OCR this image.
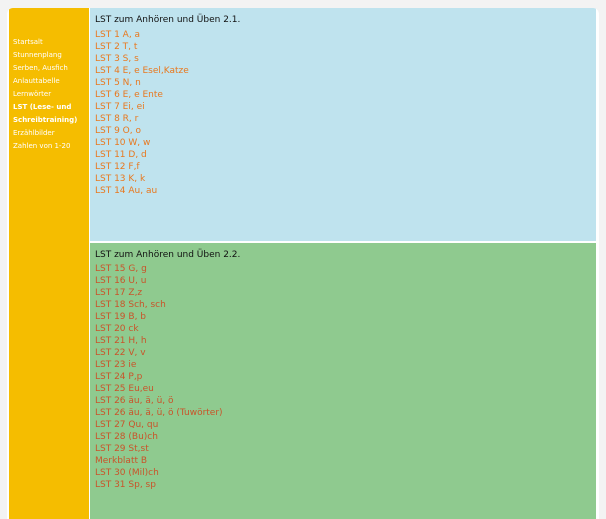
Startsalt
Stunnenplang
Serben, Ausfich
Anlauttabelle
Lernwörter
LST (Lese- und
Schreibtraining)
Erzählbilder
Zahlen von 1-20
LST zum Anhören und Üben 2.1.
LST 1 A, a
LST 2 T, t
LST 3 S, s
LST 4 E, e Esel,Katze
LST 5 N, n
LST 6 E, e Ente
LST 7 Ei, ei
LST 8 R, r
LST 9 O, o
LST 10 W, w
LST 11 D, d
LST 12 F,f
LST 13 K, k
LST 14 Au, au
LST zum Anhören und Üben 2.2.
LST 15 G, g
LST 16 U, u
LST 17 Z,z
LST 18 Sch, sch
LST 19 B, b
LST 20 ck
LST 21 H, h
LST 22 V, v
LST 23 ie
LST 24 P,p
LST 25 Eu,eu
LST 26 äu, ä, ü, ö
LST 26 äu, ä, ü, ö (Tuwörter)
LST 27 Qu, qu
LST 28 (Bu)ch
LST 29 St,st
Merkblatt B
LST 30 (Mil)ch
LST 31 Sp, sp
